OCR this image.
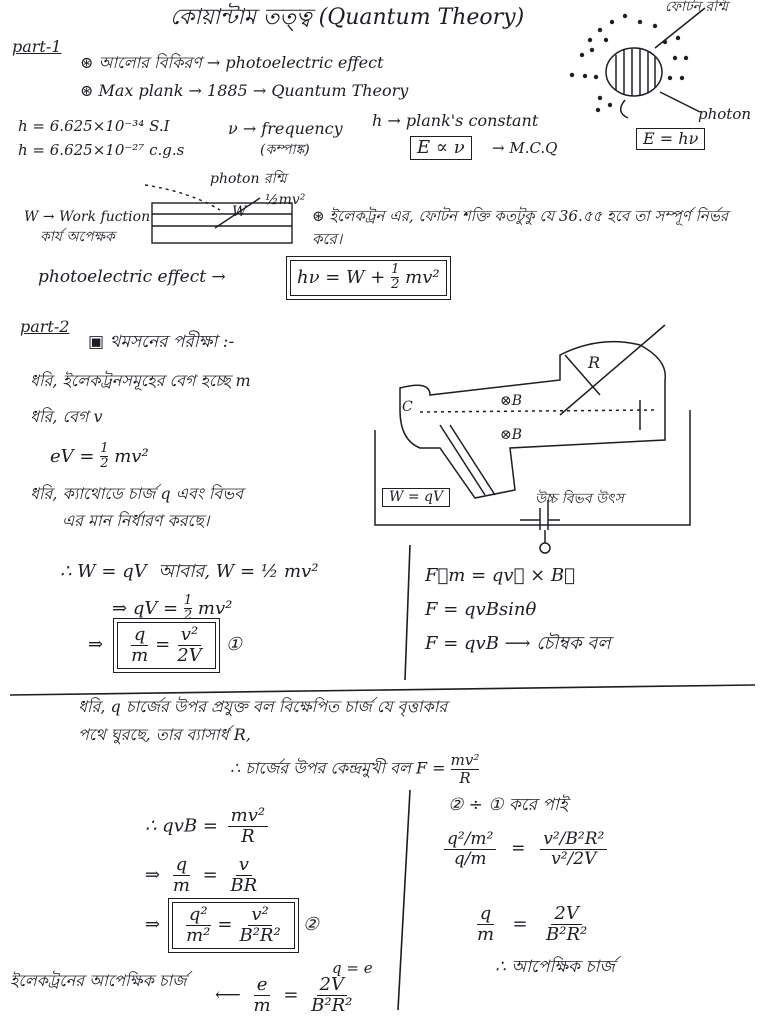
কোয়ান্টাম তত্ত্ব (Quantum Theory)
part-1
⊛ আলোর বিকিরণ → photoelectric effect
⊛ Max plank → 1885 → Quantum Theory
h = 6.625×10⁻³⁴ S.I
h = 6.625×10⁻²⁷ c.g.s
ν → frequency
(কম্পাঙ্ক)
h → plank's constant
E ∝ ν	→ M.C.Q
ফোটন রশ্মি
photon
E = hν
photon রশ্মি
½mv²
W
W → Work fuction
কার্য অপেক্ষক
⊛ ইলেকট্রন এর, ফোটন শক্তি কতটুকু যে 36.৫৫ হবে তা সম্পূর্ণ নির্ভর করে।
photoelectric effect →	$h\nu = W + \frac{1}{2} mv^2$
part-2
▣ থমসনের পরীক্ষা :-
ধরি, ইলেকট্রনসমূহের বেগ হচ্ছে m
ধরি, বেগ v
eV = $\frac{1}{2} mv^2$
ধরি, ক্যাথোডে চার্জ q এবং বিভব
এর মান নির্ধারণ করছে।
R
⊗B
⊗B
C
W = qV	উচ্চ বিভব উৎস
∴ W = qV আবার, W = ½ mv²
⇒ qV = $\frac{1}{2} mv^2$
⇒ $\frac{q}{m} = \frac{\text{v²}}{2V}$ ①
F⃗m = qv⃗ × B⃗
F = qvBsinθ
F = qvB ⟶ চৌম্বক বল
ধরি, q চার্জের উপর প্রযুক্ত বল বিক্ষেপিত চার্জ যে বৃত্তাকার
পথে ঘুরছে, তার ব্যাসার্ধ R,
∴ চার্জের উপর কেন্দ্রমুখী বল $F = \frac{\text{mv²}}{R}$
∴ qvB = $\frac{\text{mv²}}{R}$
⇒ $\frac{q}{m} = \frac{v}{BR}$
⇒ $\frac{\text{q²}}{\text{m²}} = \frac{\text{v²}}{\text{B²R²}}$ ②
② ÷ ① করে পাই
$\frac{\text{q²/m²}}{q/m} = \frac{\text{v²/B²R²}}{\text{v²/2V}}$
$\frac{q}{m} = \frac{2V}{\text{B²R²}}$
∴ আপেক্ষিক চার্জ
ইলেকট্রনের আপেক্ষিক চার্জ
⟵ $\frac{e}{m} = \frac{2V}{\text{B²R²}}$
q = e
